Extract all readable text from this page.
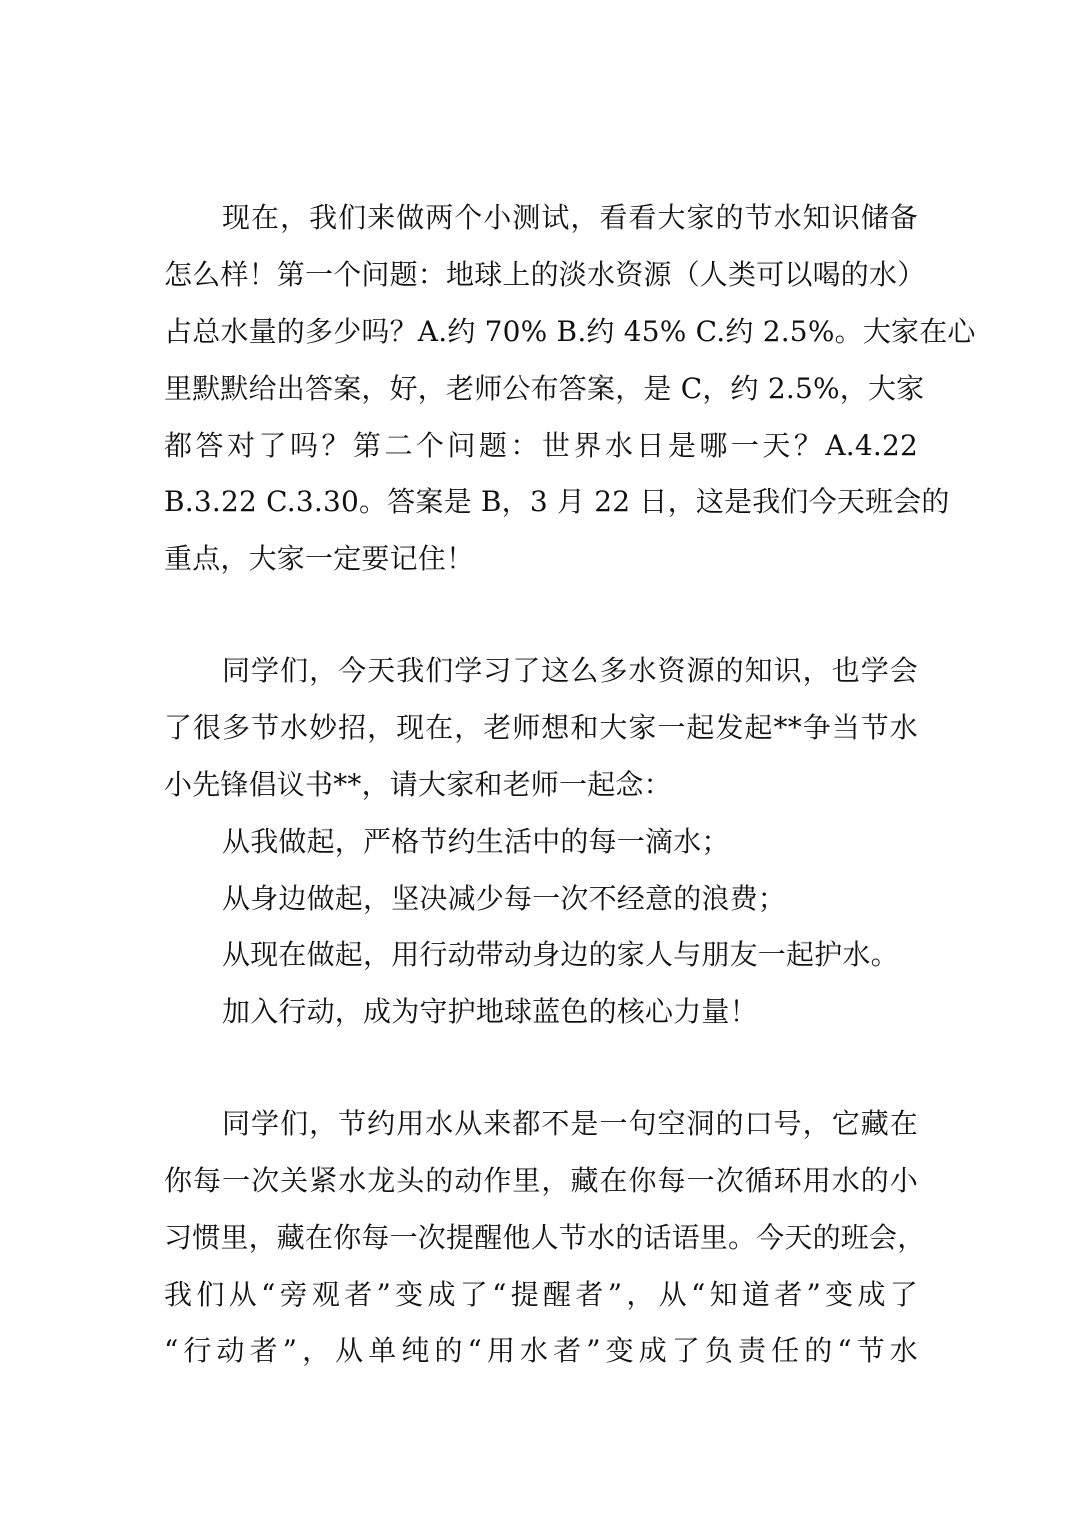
现在，我们来做两个小测试，看看大家的节水知识储备
怎么样！第一个问题：地球上的淡水资源（人类可以喝的水）
占总水量的多少吗？A.约 70% B.约 45% C.约 2.5%。大家在心
里默默给出答案，好，老师公布答案，是 C，约 2.5%，大家
都答对了吗？第二个问题：世界水日是哪一天？A.4.22
B.3.22 C.3.30。答案是 B，3 月 22 日，这是我们今天班会的
重点，大家一定要记住！
同学们，今天我们学习了这么多水资源的知识，也学会
了很多节水妙招，现在，老师想和大家一起发起**争当节水
小先锋倡议书**，请大家和老师一起念：
从我做起，严格节约生活中的每一滴水；
从身边做起，坚决减少每一次不经意的浪费；
从现在做起，用行动带动身边的家人与朋友一起护水。
加入行动，成为守护地球蓝色的核心力量！
同学们，节约用水从来都不是一句空洞的口号，它藏在
你每一次关紧水龙头的动作里，藏在你每一次循环用水的小
习惯里，藏在你每一次提醒他人节水的话语里。今天的班会，
我们从“旁观者”变成了“提醒者”，从“知道者”变成了
“行动者”，从单纯的“用水者”变成了负责任的“节水
